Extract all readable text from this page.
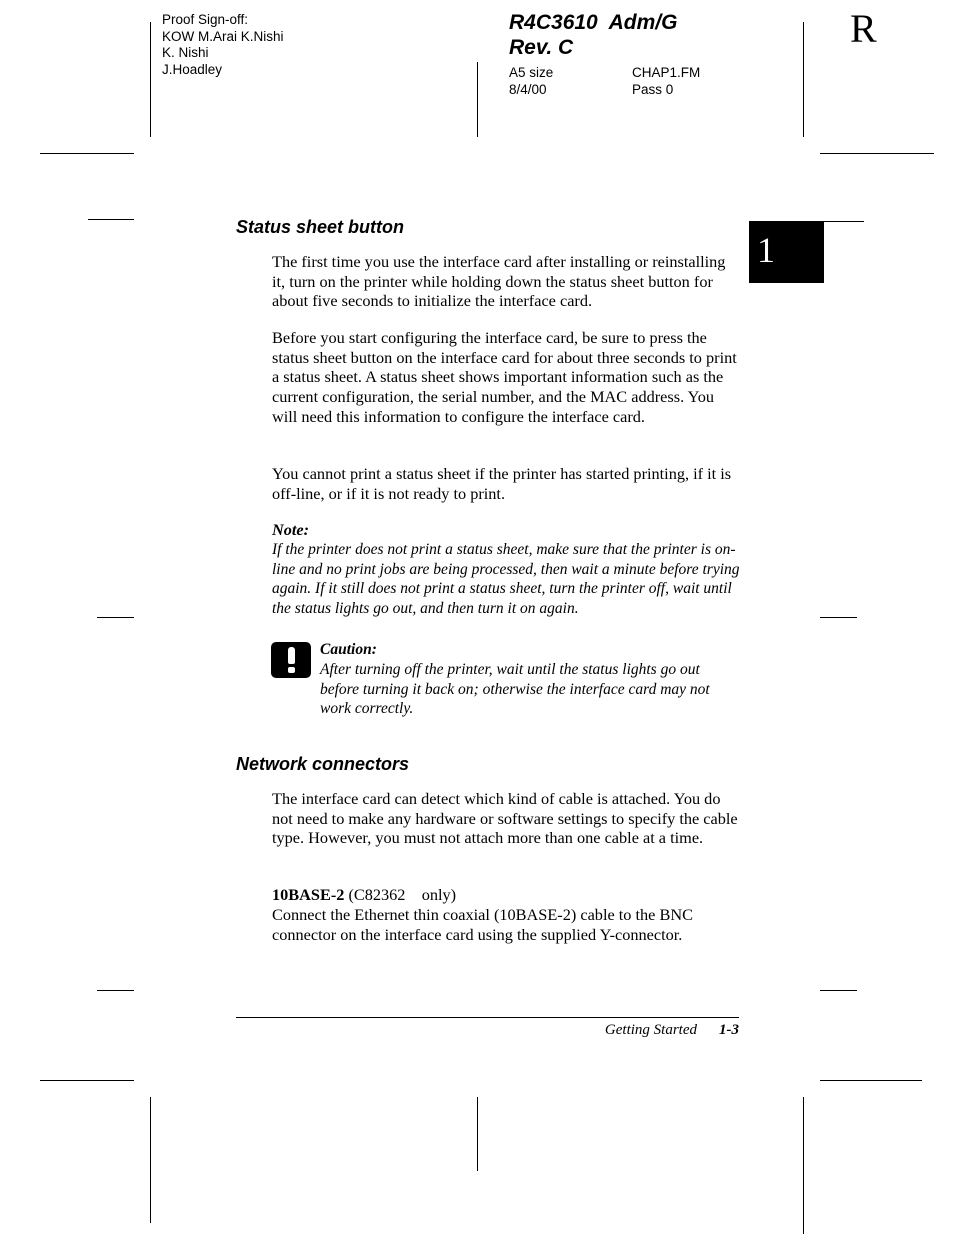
Proof Sign-off:
KOW M.Arai K.Nishi
K. Nishi
J.Hoadley
R4C3610  Adm/G
Rev. C
A5 size	CHAP1.FM
8/4/00	Pass 0
R
1
Status sheet button

The first time you use the interface card after installing or reinstalling it, turn on the printer while holding down the status sheet button for about five seconds to initialize the interface card.

Before you start configuring the interface card, be sure to press the status sheet button on the interface card for about three seconds to print a status sheet. A status sheet shows important information such as the current configuration, the serial number, and the MAC address. You will need this information to configure the interface card.

You cannot print a status sheet if the printer has started printing, if it is off-line, or if it is not ready to print.

Note:

If the printer does not print a status sheet, make sure that the printer is on-line and no print jobs are being processed, then wait a minute before trying again. If it still does not print a status sheet, turn the printer off, wait until the status lights go out, and then turn it on again.

Caution:

After turning off the printer, wait until the status lights go out before turning it back on; otherwise the interface card may not work correctly.

Network connectors

The interface card can detect which kind of cable is attached. You do not need to make any hardware or software settings to specify the cable type. However, you must not attach more than one cable at a time.

10BASE-2 (C82362    only)

Connect the Ethernet thin coaxial (10BASE-2) cable to the BNC connector on the interface card using the supplied Y-connector.

Getting Started 1-3
